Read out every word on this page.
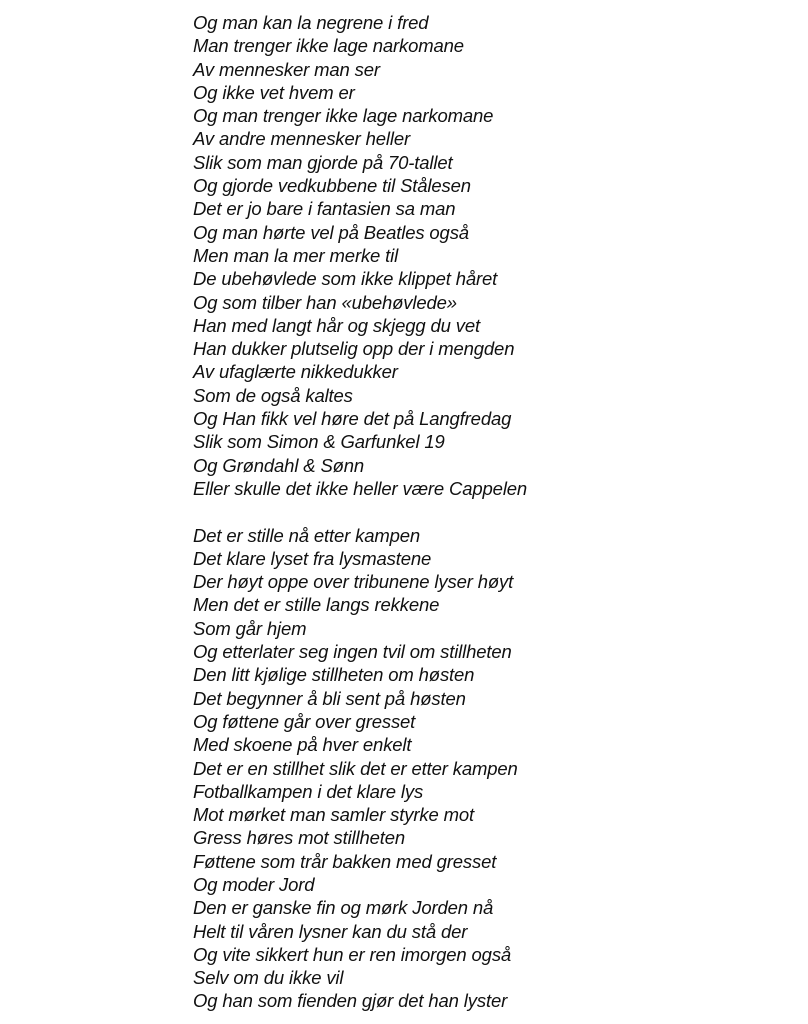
Og man kan la negrene i fred
Man trenger ikke lage narkomane
Av mennesker man ser
Og ikke vet hvem er
Og man trenger ikke lage narkomane
Av andre mennesker heller
Slik som man gjorde på 70-tallet
Og gjorde vedkubbene til Stålesen
Det er jo bare i fantasien sa man
Og man hørte vel på Beatles også
Men man la mer merke til
De ubehøvlede som ikke klippet håret
Og som tilber han «ubehøvlede»
Han med langt hår og skjegg du vet
Han dukker plutselig opp der i mengden
Av ufaglærte nikkedukker
Som de også kaltes
Og Han fikk vel høre det på Langfredag
Slik som Simon & Garfunkel 19
Og Grøndahl & Sønn
Eller skulle det ikke heller være Cappelen
Det er stille nå etter kampen
Det klare lyset fra lysmastene
Der høyt oppe over tribunene lyser høyt
Men det er stille langs rekkene
Som går hjem
Og etterlater seg ingen tvil om stillheten
Den litt kjølige stillheten om høsten
Det begynner å bli sent på høsten
Og føttene går over gresset
Med skoene på hver enkelt
Det er en stillhet slik det er etter kampen
Fotballkampen i det klare lys
Mot mørket man samler styrke mot
Gress høres mot stillheten
Føttene som trår bakken med gresset
Og moder Jord
Den er ganske fin og mørk Jorden nå
Helt til våren lysner kan du stå der
Og vite sikkert hun er ren imorgen også
Selv om du ikke vil
Og han som fienden gjør det han lyster
